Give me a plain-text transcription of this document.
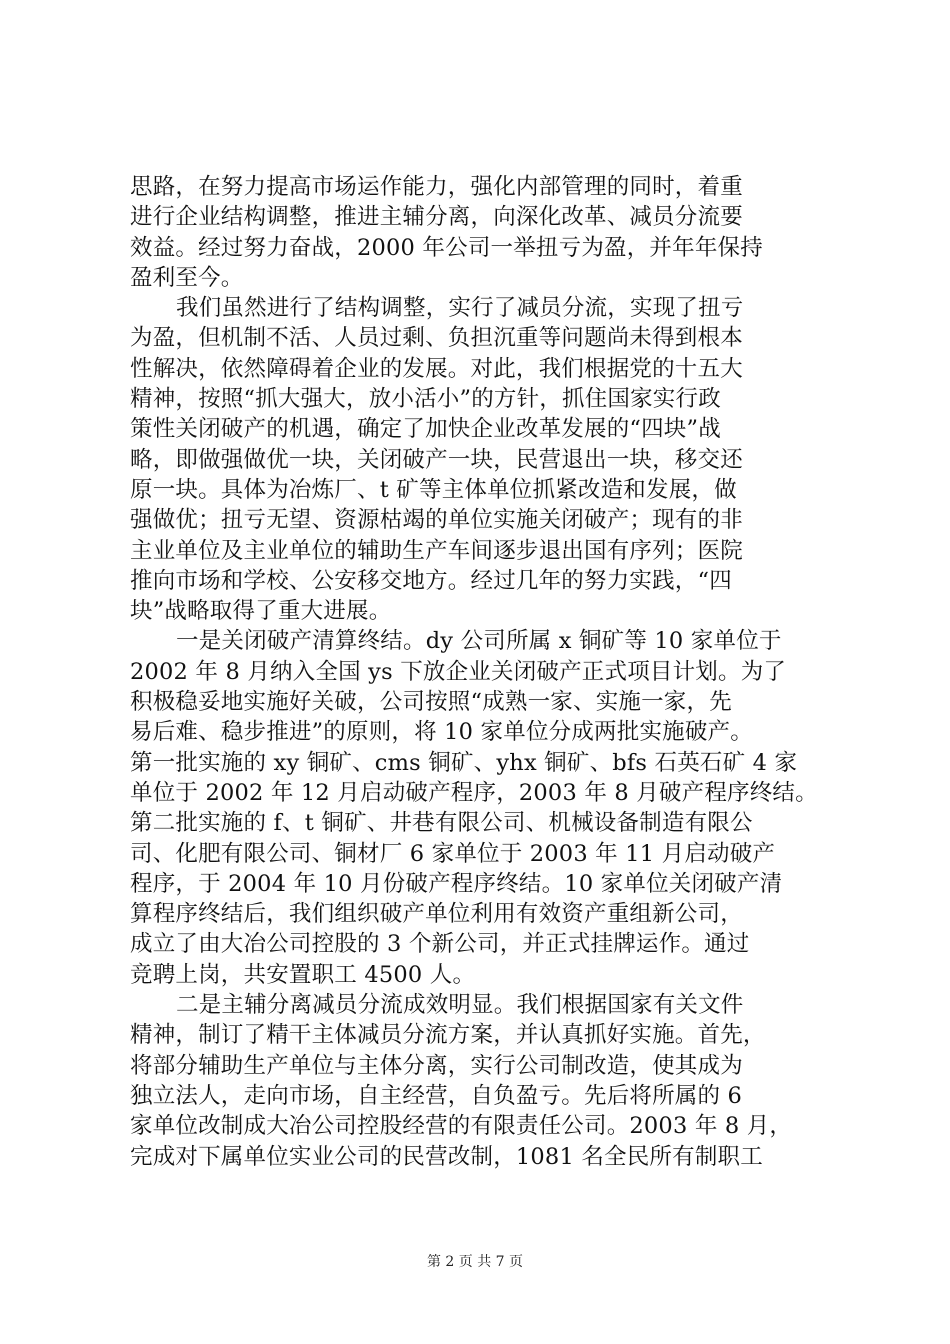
思路，在努力提高市场运作能力，强化内部管理的同时，着重
进行企业结构调整，推进主辅分离，向深化改革、减员分流要
效益。经过努力奋战，2000 年公司一举扭亏为盈，并年年保持
盈利至今。
我们虽然进行了结构调整，实行了减员分流，实现了扭亏
为盈，但机制不活、人员过剩、负担沉重等问题尚未得到根本
性解决，依然障碍着企业的发展。对此，我们根据党的十五大
精神，按照“抓大强大，放小活小”的方针，抓住国家实行政
策性关闭破产的机遇，确定了加快企业改革发展的“四块”战
略，即做强做优一块，关闭破产一块，民营退出一块，移交还
原一块。具体为冶炼厂、t 矿等主体单位抓紧改造和发展，做
强做优；扭亏无望、资源枯竭的单位实施关闭破产；现有的非
主业单位及主业单位的辅助生产车间逐步退出国有序列；医院
推向市场和学校、公安移交地方。经过几年的努力实践，“四
块”战略取得了重大进展。
一是关闭破产清算终结。dy 公司所属 x 铜矿等 10 家单位于
2002 年 8 月纳入全国 ys 下放企业关闭破产正式项目计划。为了
积极稳妥地实施好关破，公司按照“成熟一家、实施一家，先
易后难、稳步推进”的原则，将 10 家单位分成两批实施破产。
第一批实施的 xy 铜矿、cms 铜矿、yhx 铜矿、bfs 石英石矿 4 家
单位于 2002 年 12 月启动破产程序，2003 年 8 月破产程序终结。
第二批实施的 f、t 铜矿、井巷有限公司、机械设备制造有限公
司、化肥有限公司、铜材厂 6 家单位于 2003 年 11 月启动破产
程序，于 2004 年 10 月份破产程序终结。10 家单位关闭破产清
算程序终结后，我们组织破产单位利用有效资产重组新公司，
成立了由大冶公司控股的 3 个新公司，并正式挂牌运作。通过
竞聘上岗，共安置职工 4500 人。
二是主辅分离减员分流成效明显。我们根据国家有关文件
精神，制订了精干主体减员分流方案，并认真抓好实施。首先，
将部分辅助生产单位与主体分离，实行公司制改造，使其成为
独立法人，走向市场，自主经营，自负盈亏。先后将所属的 6
家单位改制成大冶公司控股经营的有限责任公司。2003 年 8 月，
完成对下属单位实业公司的民营改制，1081 名全民所有制职工
第 2 页 共 7 页
